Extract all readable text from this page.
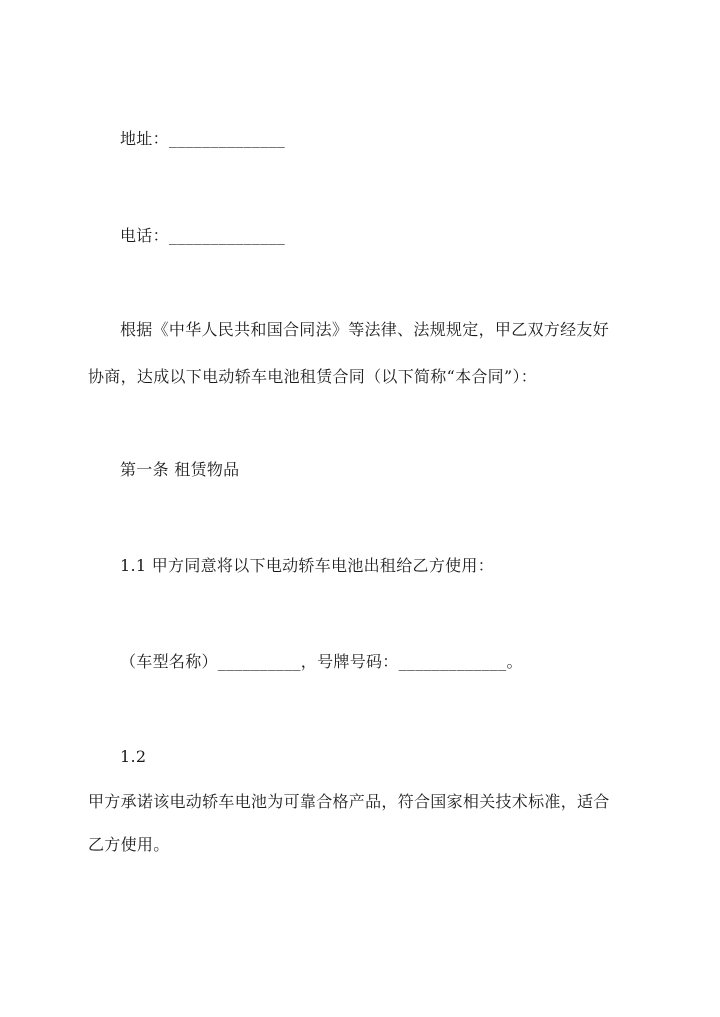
地址：______________
电话：______________
根据《中华人民共和国合同法》等法律、法规规定，甲乙双方经友好
协商，达成以下电动轿车电池租赁合同（以下简称“本合同”）：
第一条 租赁物品
1.1 甲方同意将以下电动轿车电池出租给乙方使用：
（车型名称）__________，号牌号码：_____________。
1.2
甲方承诺该电动轿车电池为可靠合格产品，符合国家相关技术标准，适合
乙方使用。
